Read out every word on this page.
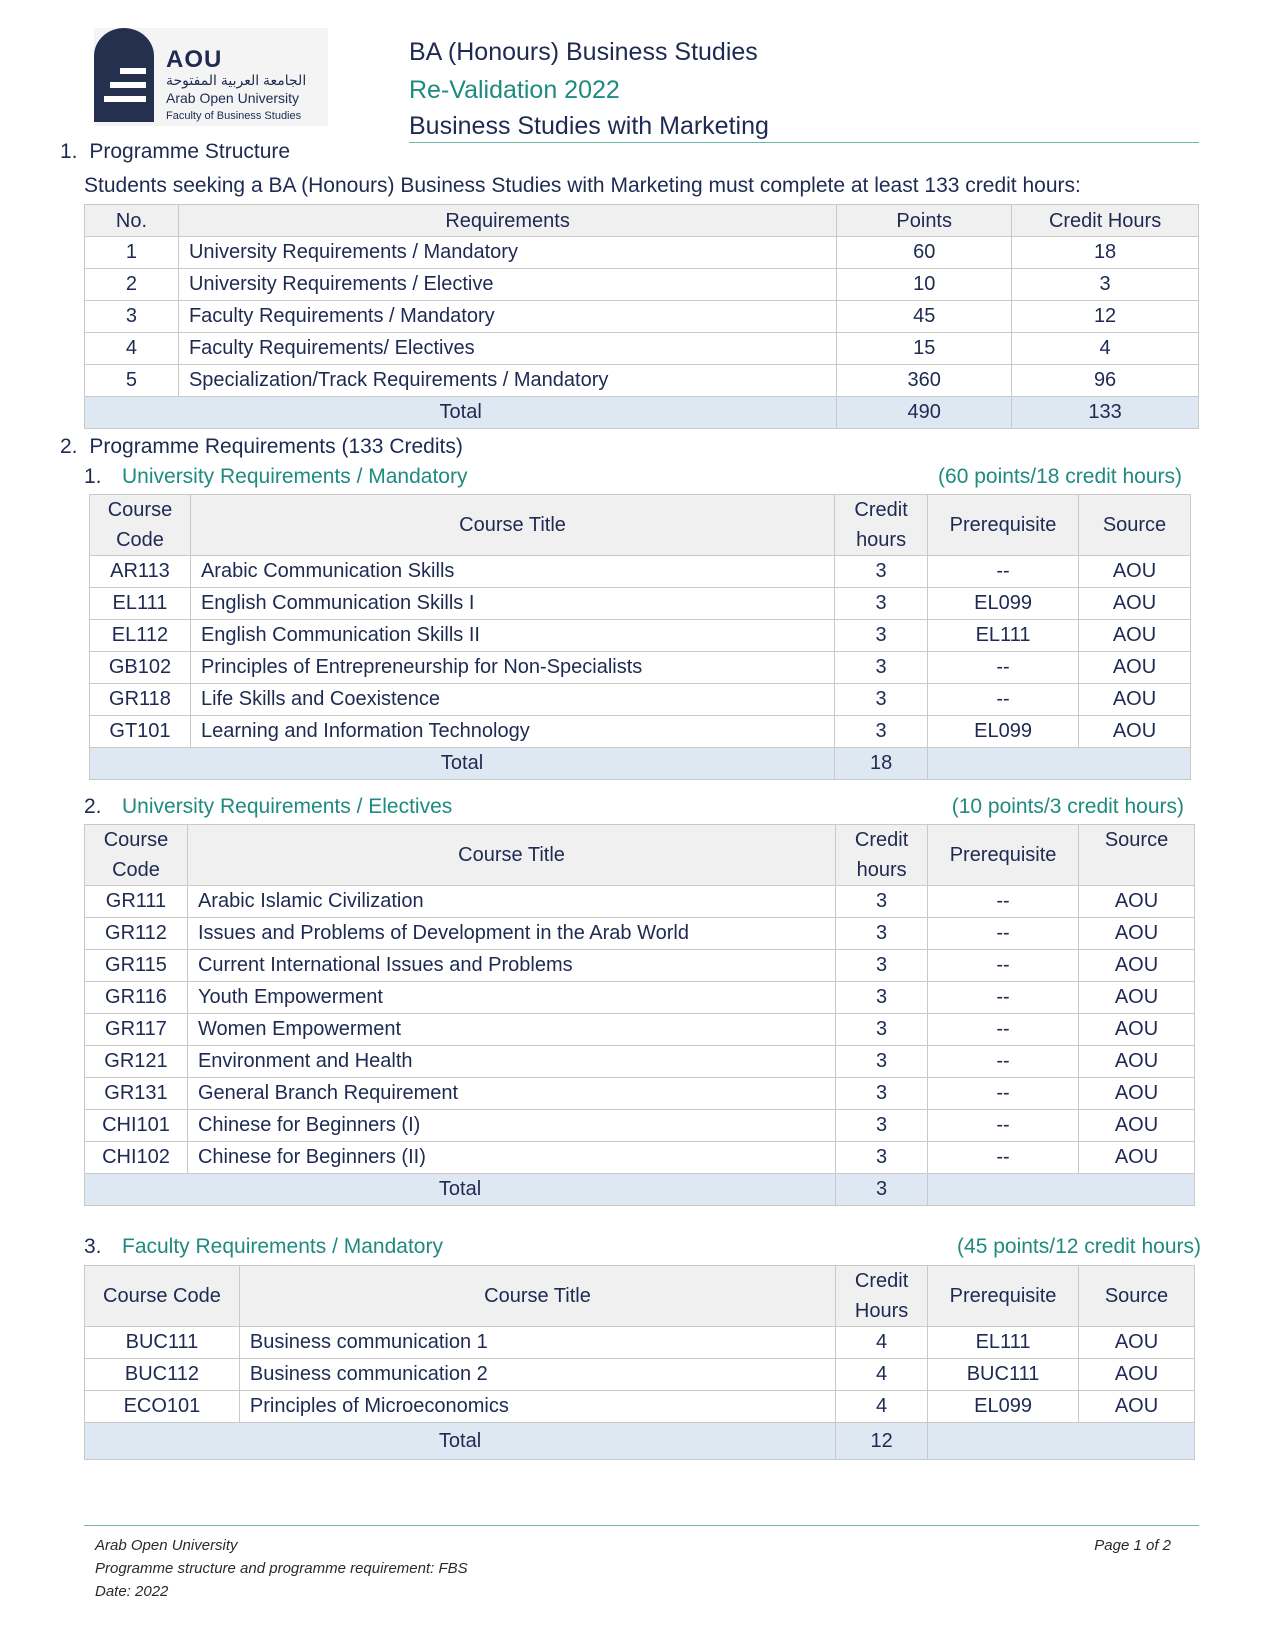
AOU
الجامعة العربية المفتوحة
Arab Open University
Faculty of Business Studies
BA (Honours) Business Studies
Re-Validation 2022
Business Studies with Marketing
1. Programme Structure
Students seeking a BA (Honours) Business Studies with Marketing must complete at least 133 credit hours:
No.	Requirements	Points	Credit Hours
1	University Requirements / Mandatory	60	18
2	University Requirements / Elective	10	3
3	Faculty Requirements / Mandatory	45	12
4	Faculty Requirements/ Electives	15	4
5	Specialization/Track Requirements / Mandatory	360	96
Total		490	133
2. Programme Requirements (133 Credits)
1. University Requirements / Mandatory	(60 points/18 credit hours)
Course Code	Course Title	Credit hours	Prerequisite	Source
AR113	Arabic Communication Skills	3	--	AOU
EL111	English Communication Skills I	3	EL099	AOU
EL112	English Communication Skills II	3	EL111	AOU
GB102	Principles of Entrepreneurship for Non-Specialists	3	--	AOU
GR118	Life Skills and Coexistence	3	--	AOU
GT101	Learning and Information Technology	3	EL099	AOU
Total		18		
2. University Requirements / Electives	(10 points/3 credit hours)
Course Code	Course Title	Credit hours	Prerequisite	Source
GR111	Arabic Islamic Civilization	3	--	AOU
GR112	Issues and Problems of Development in the Arab World	3	--	AOU
GR115	Current International Issues and Problems	3	--	AOU
GR116	Youth Empowerment	3	--	AOU
GR117	Women Empowerment	3	--	AOU
GR121	Environment and Health	3	--	AOU
GR131	General Branch Requirement	3	--	AOU
CHI101	Chinese for Beginners (I)	3	--	AOU
CHI102	Chinese for Beginners (II)	3	--	AOU
Total		3		
3. Faculty Requirements / Mandatory	(45 points/12 credit hours)
Course Code	Course Title	Credit Hours	Prerequisite	Source
BUC111	Business communication 1	4	EL111	AOU
BUC112	Business communication 2	4	BUC111	AOU
ECO101	Principles of Microeconomics	4	EL099	AOU
Total		12		
Arab Open University
Programme structure and programme requirement: FBS
Date: 2022
Page 1 of 2
